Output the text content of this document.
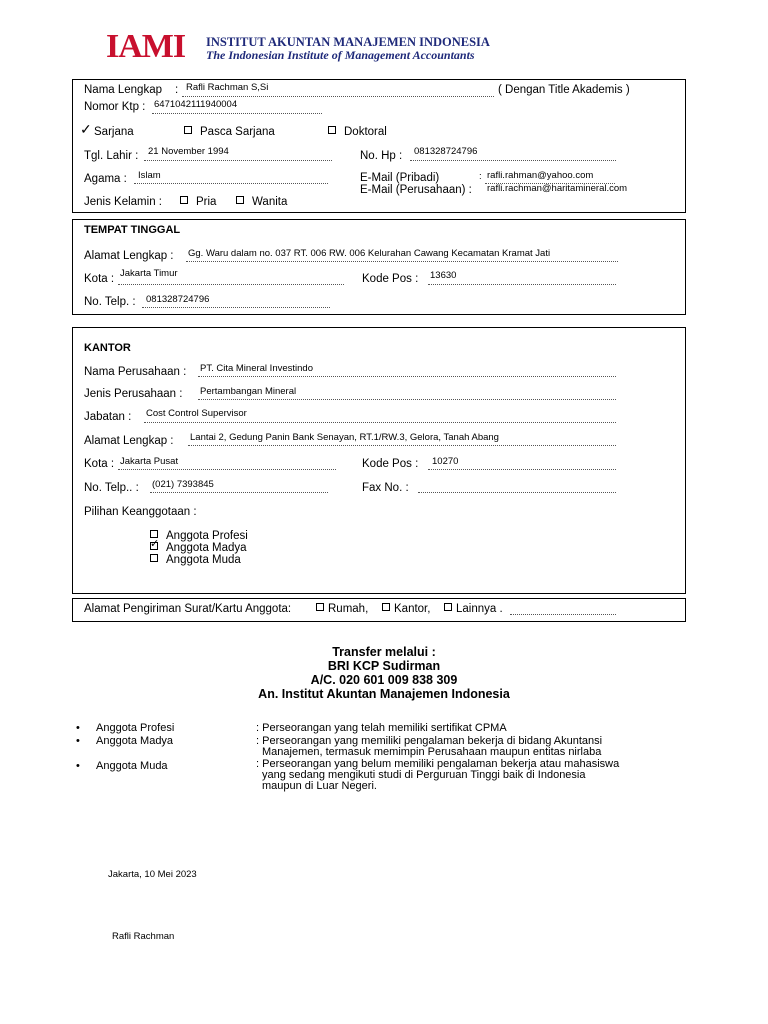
IAMI INSTITUT AKUNTAN MANAJEMEN INDONESIA
The Indonesian Institute of Management Accountants
Nama Lengkap : Rafli Rachman S,Si	( Dengan Title Akademis )
Nomor Ktp : 6471042111940004
✓ Sarjana	Pasca Sarjana	Doktoral
Tgl. Lahir : 21 November 1994	No. Hp : 081328724796
Agama : Islam	E-Mail (Pribadi)	: rafli.rahman@yahoo.com
E-Mail (Perusahaan) : rafli.rachman@haritamineral.com
Jenis Kelamin :	Pria	Wanita
TEMPAT TINGGAL
Alamat Lengkap : Gg. Waru dalam no. 037 RT. 006 RW. 006 Kelurahan Cawang Kecamatan Kramat Jati
Kota : Jakarta Timur	Kode Pos : 13630
No. Telp. : 081328724796
KANTOR
Nama Perusahaan : PT. Cita Mineral Investindo
Jenis Perusahaan : Pertambangan Mineral
Jabatan : Cost Control Supervisor
Alamat Lengkap : Lantai 2, Gedung Panin Bank Senayan, RT.1/RW.3, Gelora, Tanah Abang
Kota : Jakarta Pusat	Kode Pos : 10270
No. Telp.. : (021) 7393845	Fax No. :
Pilihan Keanggotaan :
Anggota Profesi
✓Anggota Madya
Anggota Muda
Alamat Pengiriman Surat/Kartu Anggota:	Rumah,	Kantor,	Lainnya .
Transfer melalui :
BRI KCP Sudirman
A/C. 020 601 009 838 309
An. Institut Akuntan Manajemen Indonesia
• Anggota Profesi	: Perseorangan yang telah memiliki sertifikat CPMA
• Anggota Madya	: Perseorangan yang memiliki pengalaman bekerja di bidang Akuntansi
Manajemen, termasuk memimpin Perusahaan maupun entitas nirlaba
• Anggota Muda	: Perseorangan yang belum memiliki pengalaman bekerja atau mahasiswa
yang sedang mengikuti studi di Perguruan Tinggi baik di Indonesia
maupun di Luar Negeri.
Jakarta, 10 Mei 2023
Rafli Rachman
